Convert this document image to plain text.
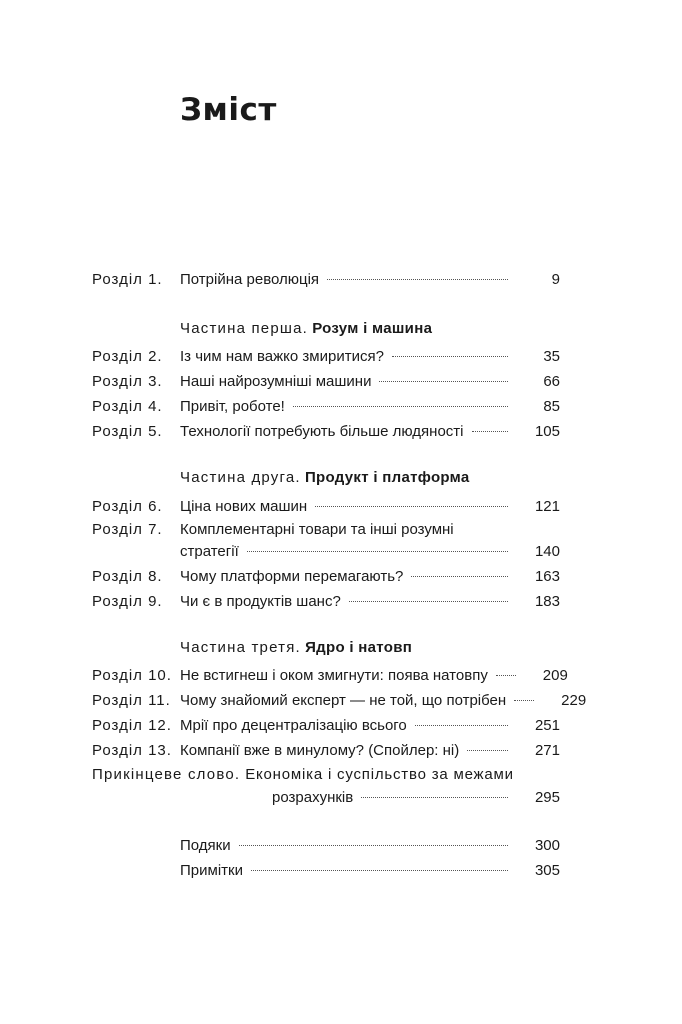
Зміст
Розділ 1. Потрійна революція	9
Частина перша. Розум і машина
Розділ 2. Із чим нам важко змиритися?	35
Розділ 3. Наші найрозумніші машини	66
Розділ 4. Привіт, роботе!	85
Розділ 5. Технології потребують більше людяності	105
Частина друга. Продукт і платформа
Розділ 6. Ціна нових машин	121
Розділ 7. Комплементарні товари та інші розумні
стратегії	140
Розділ 8. Чому платформи перемагають?	163
Розділ 9. Чи є в продуктів шанс?	183
Частина третя. Ядро і натовп
Розділ 10. Не встигнеш і оком змигнути: поява натовпу	209
Розділ 11. Чому знайомий експерт — не той, що потрібен	229
Розділ 12. Мрії про децентралізацію всього	251
Розділ 13. Компанії вже в минулому? (Спойлер: ні)	271
Прикінцеве слово. Економіка і суспільство за межами
розрахунків	295
Подяки	300
Примітки	305
